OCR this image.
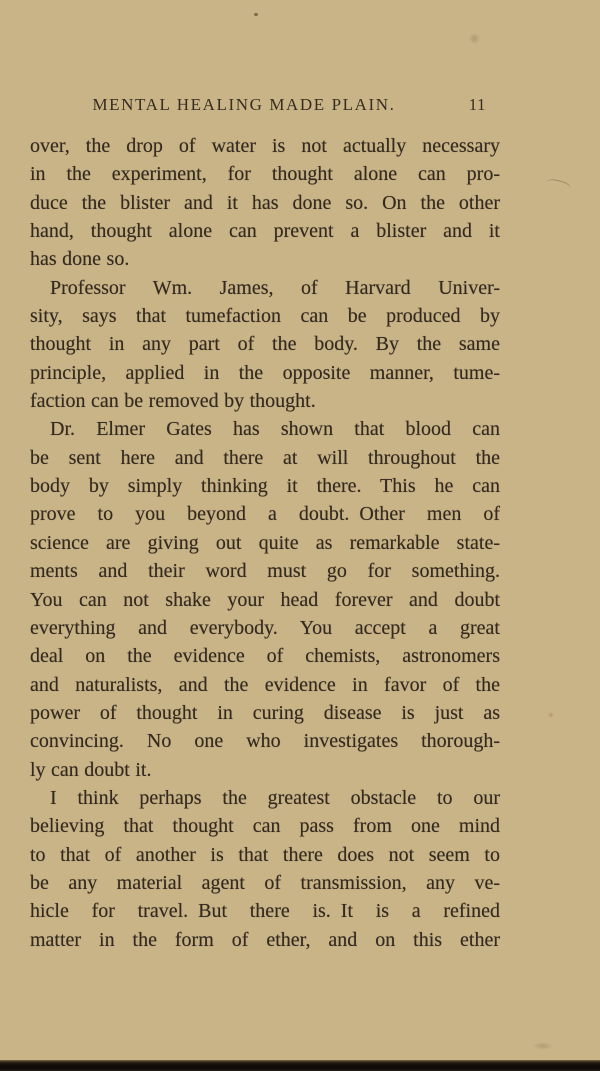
MENTAL HEALING MADE PLAIN.	11
over, the drop of water is not actually necessary
in the experiment, for thought alone can pro-
duce the blister and it has done so. On the other
hand, thought alone can prevent a blister and it
has done so.
Professor Wm. James, of Harvard Univer-
sity, says that tumefaction can be produced by
thought in any part of the body. By the same
principle, applied in the opposite manner, tume-
faction can be removed by thought.
Dr. Elmer Gates has shown that blood can
be sent here and there at will throughout the
body by simply thinking it there. This he can
prove to you beyond a doubt. Other men of
science are giving out quite as remarkable state-
ments and their word must go for something.
You can not shake your head forever and doubt
everything and everybody. You accept a great
deal on the evidence of chemists, astronomers
and naturalists, and the evidence in favor of the
power of thought in curing disease is just as
convincing. No one who investigates thorough-
ly can doubt it.
I think perhaps the greatest obstacle to our
believing that thought can pass from one mind
to that of another is that there does not seem to
be any material agent of transmission, any ve-
hicle for travel. But there is. It is a refined
matter in the form of ether, and on this ether
